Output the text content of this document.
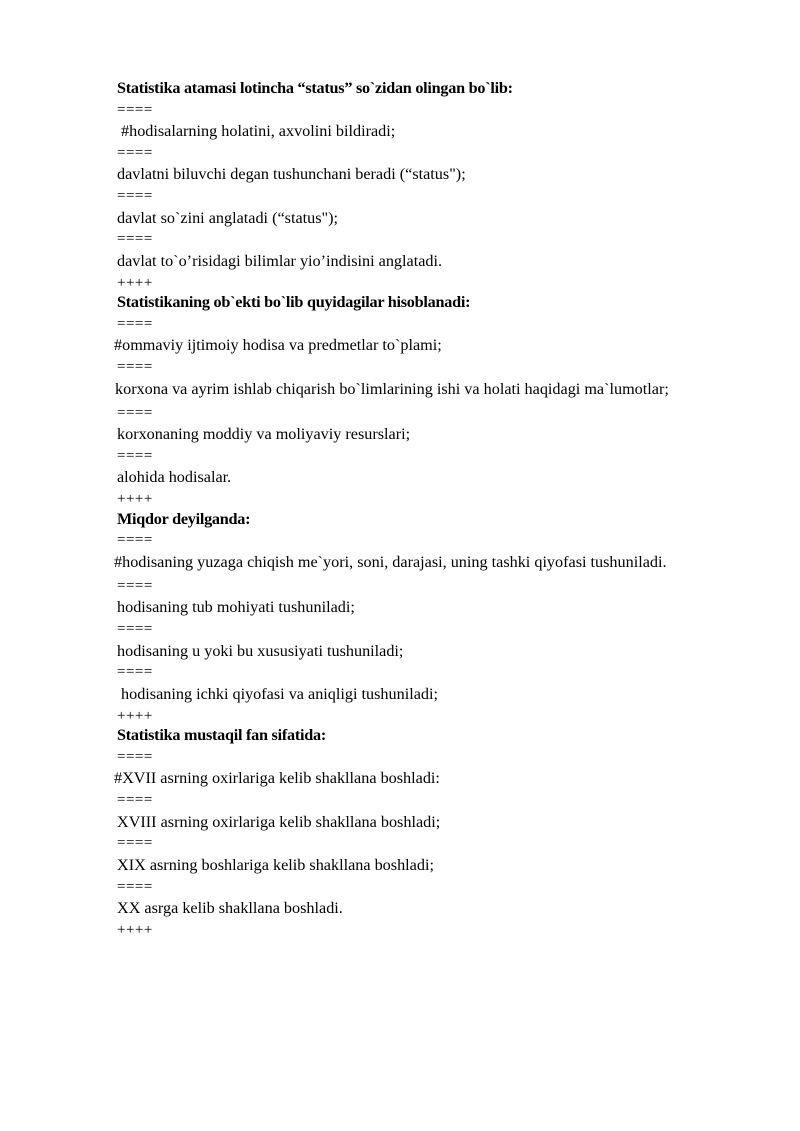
Statistika atamasi lotincha “status” so`zidan olingan bo`lib:
====
#hodisalarning holatini, axvolini bildiradi;
====
davlatni biluvchi degan tushunchani beradi (“status");
====
davlat so`zini anglatadi (“status");
====
davlat to`o’risidagi bilimlar yio’indisini anglatadi.
++++
Statistikaning ob`ekti bo`lib quyidagilar hisoblanadi:
====
#ommaviy ijtimoiy hodisa va predmetlar to`plami;
====
korxona va ayrim ishlab chiqarish bo`limlarining ishi va holati haqidagi ma`lumotlar;
====
korxonaning moddiy va moliyaviy resurslari;
====
alohida hodisalar.
++++
Miqdor deyilganda:
====
#hodisaning yuzaga chiqish me`yori, soni, darajasi, uning tashki qiyofasi tushuniladi.
====
hodisaning tub mohiyati tushuniladi;
====
hodisaning u yoki bu xususiyati tushuniladi;
====
hodisaning ichki qiyofasi va aniqligi tushuniladi;
++++
Statistika mustaqil fan sifatida:
====
#XVII asrning oxirlariga kelib shakllana boshladi:
====
XVIII asrning oxirlariga kelib shakllana boshladi;
====
XIX asrning boshlariga kelib shakllana boshladi;
====
XX asrga kelib shakllana boshladi.
++++
